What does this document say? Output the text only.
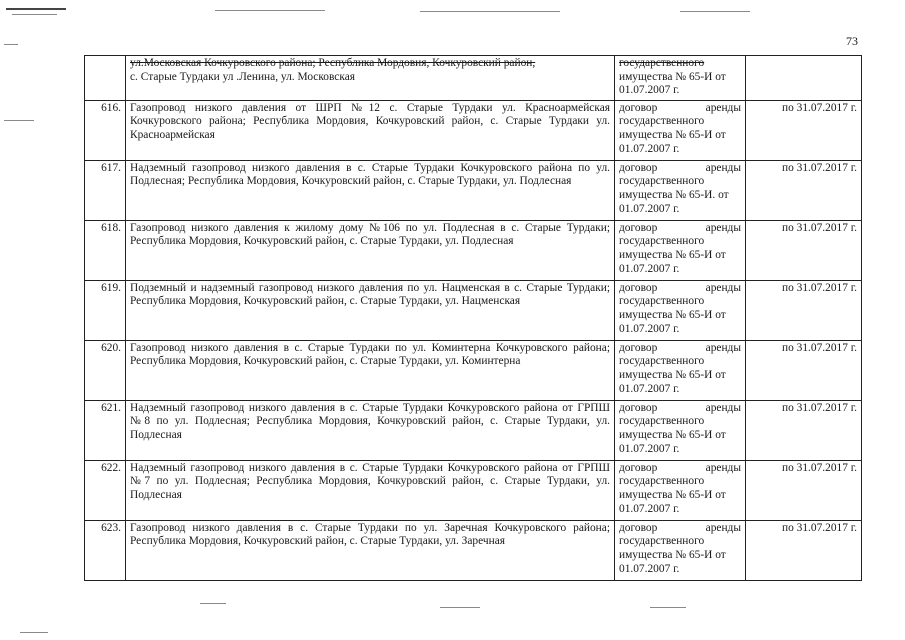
73

	ул.Московская Кочкуровского района; Республика Мордовия, Кочкуровский район,
с. Старые Турдаки ул .Ленина, ул. Московская	государственного
имущества № 65-И от
01.07.2007 г.	

616.	Газопровод низкого давления от ШРП №12 с. Старые Турдаки ул. Красноармейская Кочкуровского района; Республика Мордовия, Кочкуровский район, с. Старые Турдаки ул. Красноармейская	договор аренды
государственного
имущества № 65-И от
01.07.2007 г.	по 31.07.2017 г.
617.	Надземный газопровод низкого давления в с. Старые Турдаки Кочкуровского района по ул. Подлесная; Республика Мордовия, Кочкуровский район, с. Старые Турдаки, ул. Подлесная	договор аренды
государственного
имущества № 65-И. от
01.07.2007 г.	по 31.07.2017 г.
618.	Газопровод низкого давления к жилому дому №106 по ул. Подлесная в с. Старые Турдаки; Республика Мордовия, Кочкуровский район, с. Старые Турдаки, ул. Подлесная	договор аренды
государственного
имущества № 65-И от
01.07.2007 г.	по 31.07.2017 г.
619.	Подземный и надземный газопровод низкого давления по ул. Нацменская в с. Старые Турдаки; Республика Мордовия, Кочкуровский район, с. Старые Турдаки, ул. Нацменская	договор аренды
государственного
имущества № 65-И от
01.07.2007 г.	по 31.07.2017 г.
620.	Газопровод низкого давления в с. Старые Турдаки по ул. Коминтерна Кочкуровского района; Республика Мордовия, Кочкуровский район, с. Старые Турдаки, ул. Коминтерна	договор аренды
государственного
имущества № 65-И от
01.07.2007 г.	по 31.07.2017 г.
621.	Надземный газопровод низкого давления в с. Старые Турдаки Кочкуровского района от ГРПШ №8 по ул. Подлесная; Республика Мордовия, Кочкуровский район, с. Старые Турдаки, ул. Подлесная	договор аренды
государственного
имущества № 65-И от
01.07.2007 г.	по 31.07.2017 г.
622.	Надземный газопровод низкого давления в с. Старые Турдаки Кочкуровского района от ГРПШ №7 по ул. Подлесная; Республика Мордовия, Кочкуровский район, с. Старые Турдаки, ул. Подлесная	договор аренды
государственного
имущества № 65-И от
01.07.2007 г.	по 31.07.2017 г.
623.	Газопровод низкого давления в с. Старые Турдаки по ул. Заречная Кочкуровского района; Республика Мордовия, Кочкуровский район, с. Старые Турдаки, ул. Заречная	договор аренды
государственного
имущества № 65-И от
01.07.2007 г.	по 31.07.2017 г.
